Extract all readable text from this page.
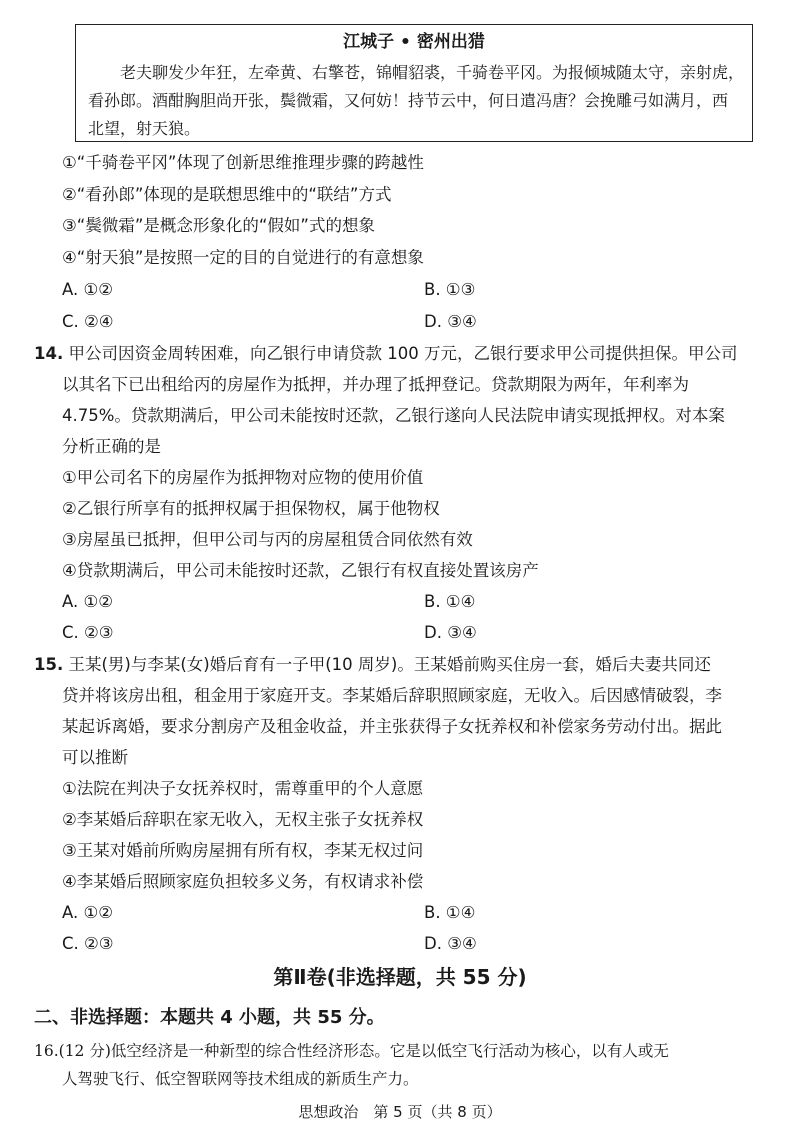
江城子 • 密州出猎
老夫聊发少年狂，左牵黄、右擎苍，锦帽貂裘，千骑卷平冈。为报倾城随太守，亲射虎，
看孙郎。酒酣胸胆尚开张，鬓微霜，又何妨！持节云中，何日遣冯唐？会挽雕弓如满月，西
北望，射天狼。
①“千骑卷平冈”体现了创新思维推理步骤的跨越性
②“看孙郎”体现的是联想思维中的“联结”方式
③“鬓微霜”是概念形象化的“假如”式的想象
④“射天狼”是按照一定的目的自觉进行的有意想象
A. ①②	B. ①③
C. ②④	D. ③④
14. 甲公司因资金周转困难，向乙银行申请贷款 100 万元，乙银行要求甲公司提供担保。甲公司
以其名下已出租给丙的房屋作为抵押，并办理了抵押登记。贷款期限为两年，年利率为
4.75%。贷款期满后，甲公司未能按时还款，乙银行遂向人民法院申请实现抵押权。对本案
分析正确的是
①甲公司名下的房屋作为抵押物对应物的使用价值
②乙银行所享有的抵押权属于担保物权，属于他物权
③房屋虽已抵押，但甲公司与丙的房屋租赁合同依然有效
④贷款期满后，甲公司未能按时还款，乙银行有权直接处置该房产
A. ①②	B. ①④
C. ②③	D. ③④
15. 王某(男)与李某(女)婚后育有一子甲(10 周岁)。王某婚前购买住房一套，婚后夫妻共同还
贷并将该房出租，租金用于家庭开支。李某婚后辞职照顾家庭，无收入。后因感情破裂，李
某起诉离婚，要求分割房产及租金收益，并主张获得子女抚养权和补偿家务劳动付出。据此
可以推断
①法院在判决子女抚养权时，需尊重甲的个人意愿
②李某婚后辞职在家无收入，无权主张子女抚养权
③王某对婚前所购房屋拥有所有权，李某无权过问
④李某婚后照顾家庭负担较多义务，有权请求补偿
A. ①②	B. ①④
C. ②③	D. ③④
第Ⅱ卷(非选择题，共 55 分)
二、非选择题：本题共 4 小题，共 55 分。
16.(12 分)低空经济是一种新型的综合性经济形态。它是以低空飞行活动为核心，以有人或无
人驾驶飞行、低空智联网等技术组成的新质生产力。
思想政治　第 5 页（共 8 页）
